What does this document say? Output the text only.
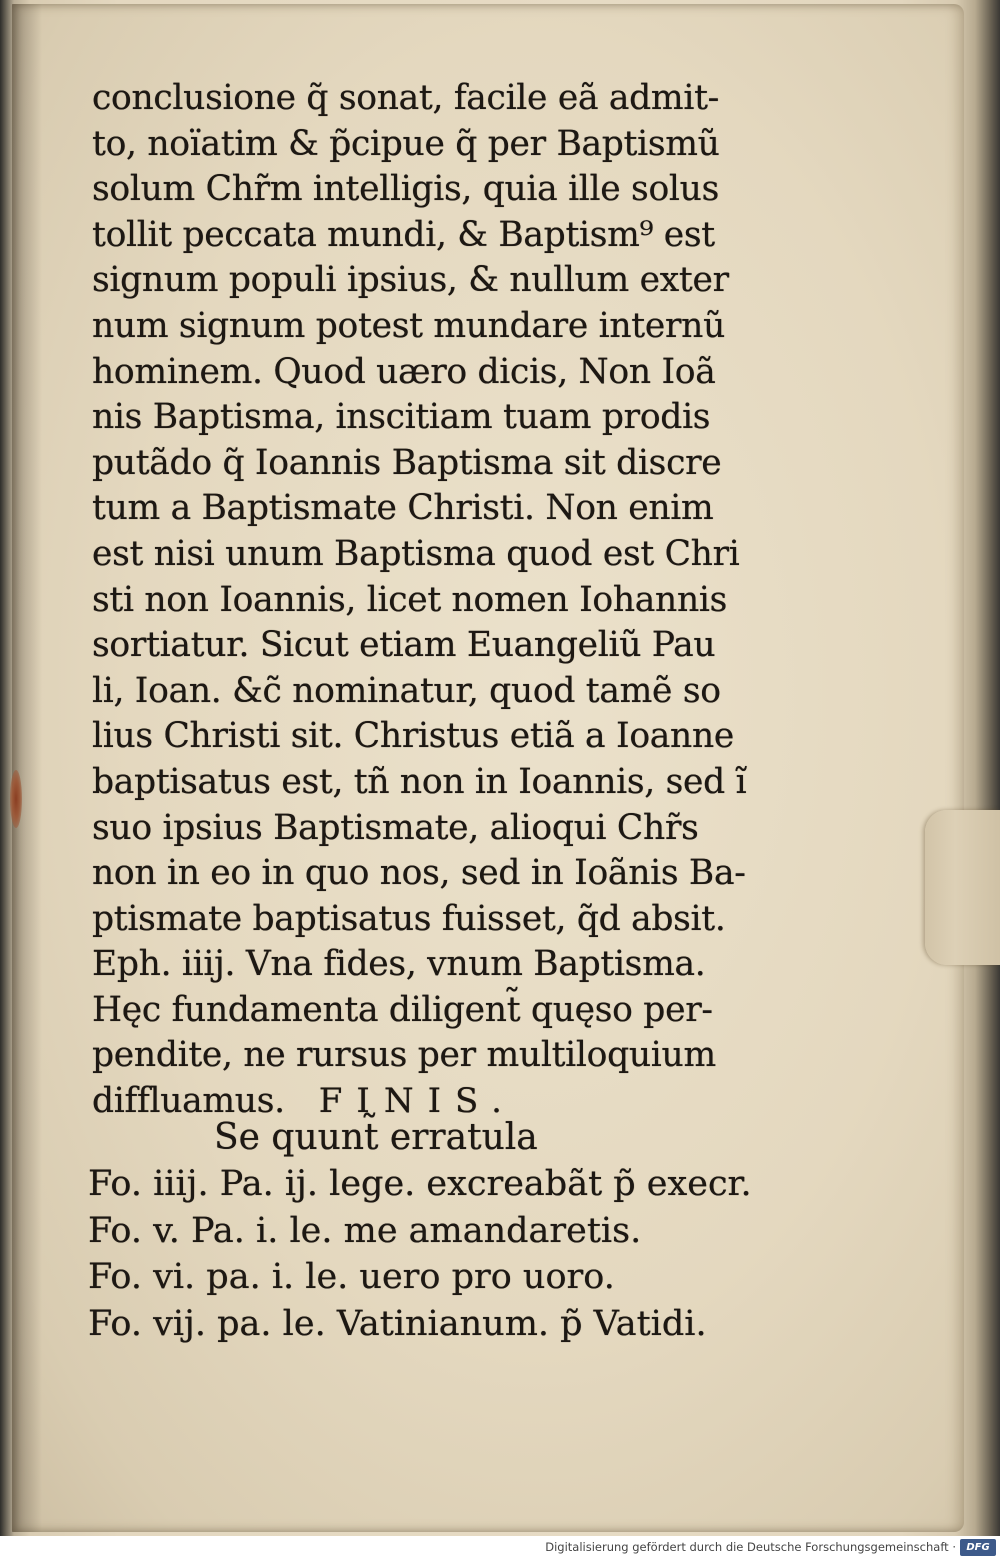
conclusione q̃ sonat, facile eã admit-
to, noïatim & p̃cipue q̃ per Baptismũ
solum Chr̃m intelligis, quia ille solus
tollit peccata mundi, & Baptism⁹ est
signum populi ipsius, & nullum exter
num signum potest mundare internũ
hominem. Quod uæro dicis, Non Ioã
nis Baptisma, inscitiam tuam prodis
putãdo q̃ Ioannis Baptisma sit discre
tum a Baptismate Christi. Non enim
est nisi unum Baptisma quod est Chri
sti non Ioannis, licet nomen Iohannis
sortiatur. Sicut etiam Euangeliũ Pau
li, Ioan. &c̃ nominatur, quod tamẽ so
lius Christi sit. Christus etiã a Ioanne
baptisatus est, tñ non in Ioannis, sed ĩ
suo ipsius Baptismate, alioqui Chr̃s
non in eo in quo nos, sed in Ioãnis Ba-
ptismate baptisatus fuisset, q̃d absit.
Eph. iiij. Vna fides, vnum Baptisma.
Hęc fundamenta diligent̃ quęso per-
pendite, ne rursus per multiloquium
diffluamus. FINIS.
Se quunt̃ erratula
Fo. iiij. Pa. ij. lege. excreabãt p̃ execr.
Fo. v. Pa. i. le. me amandaretis.
Fo. vi. pa. i. le. uero pro uoro.
Fo. vij. pa. le. Vatinianum. p̃ Vatidi.
Digitalisierung gefördert durch die Deutsche Forschungsgemeinschaft ·	DFG
